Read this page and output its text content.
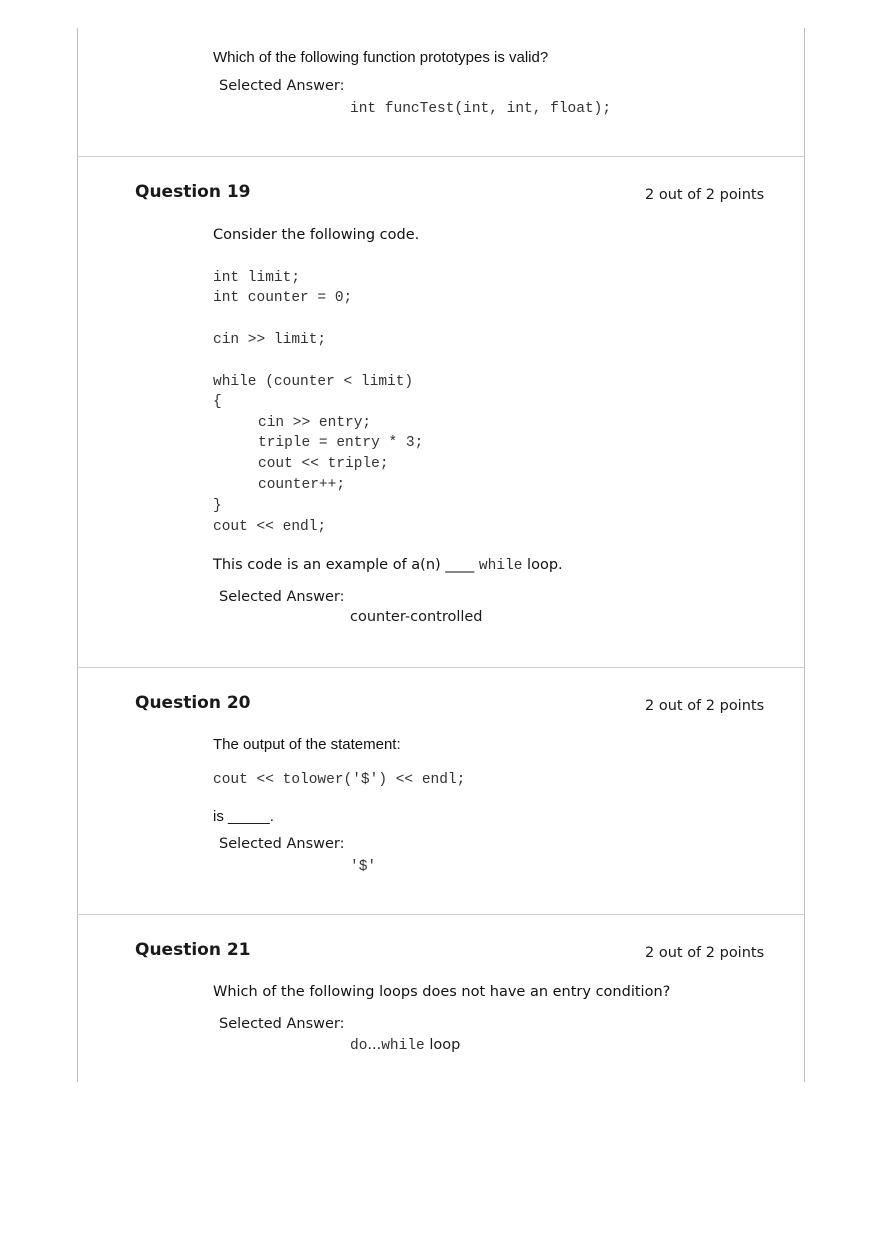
Which of the following function prototypes is valid?
Selected Answer:
int funcTest(int, int, float);
Question 19	2 out of 2 points
Consider the following code.
int limit;
int counter = 0;
cin >> limit;
while (counter < limit)
{
cin >> entry;
triple = entry * 3;
cout << triple;
counter++;
}
cout << endl;
This code is an example of a(n) ____ while loop.
Selected Answer:
counter-controlled
Question 20	2 out of 2 points
The output of the statement:
cout << tolower('$') << endl;
is _____.
Selected Answer:
'$'
Question 21	2 out of 2 points
Which of the following loops does not have an entry condition?
Selected Answer:
do...while loop
